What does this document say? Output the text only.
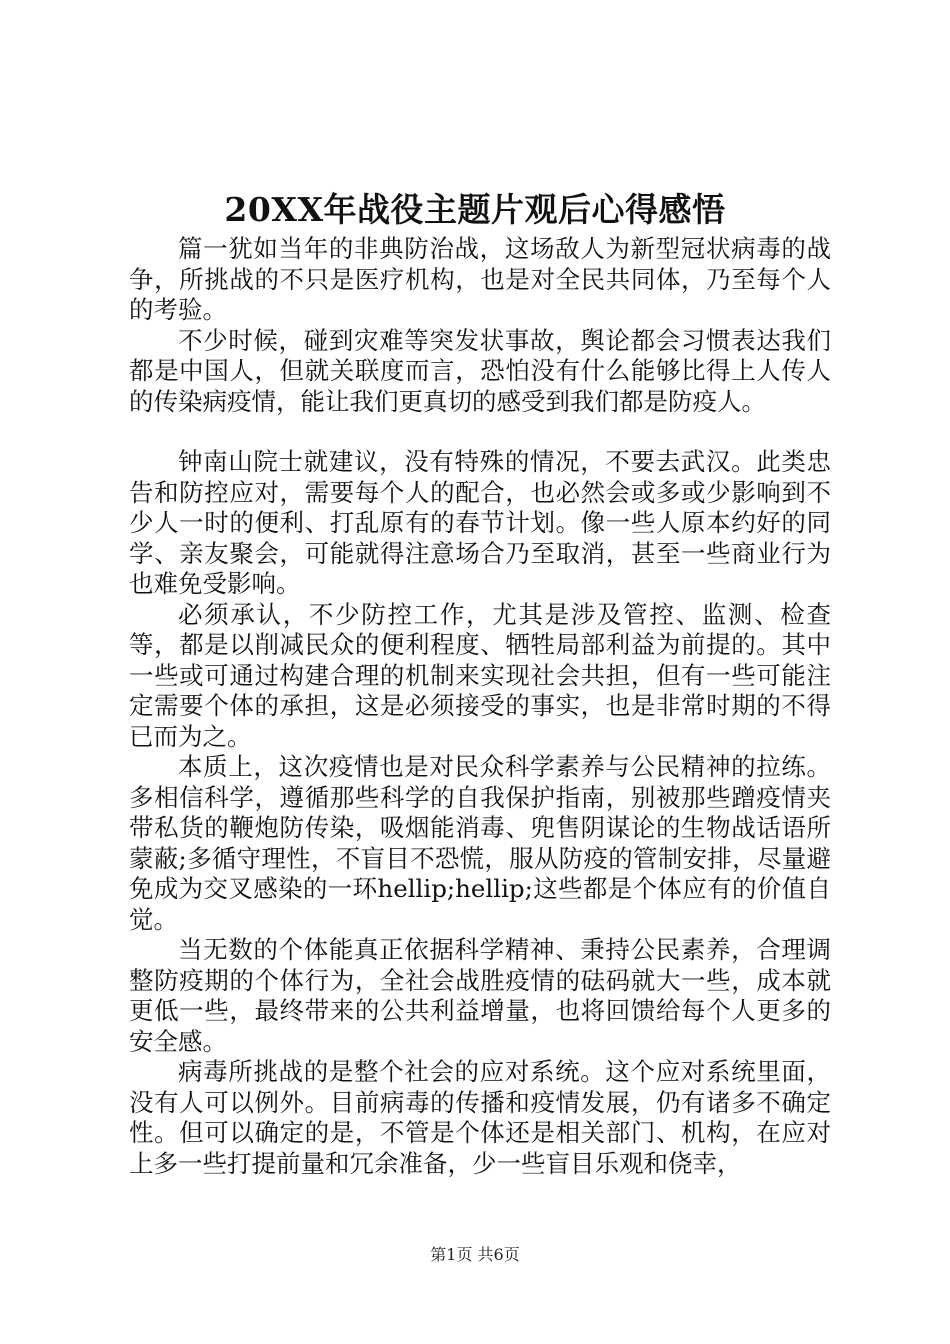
20XX年战役主题片观后心得感悟

篇一犹如当年的非典防治战，这场敌人为新型冠状病毒的战争，所挑战的不只是医疗机构，也是对全民共同体，乃至每个人的考验。

不少时候，碰到灾难等突发状事故，舆论都会习惯表达我们都是中国人，但就关联度而言，恐怕没有什么能够比得上人传人的传染病疫情，能让我们更真切的感受到我们都是防疫人。

钟南山院士就建议，没有特殊的情况，不要去武汉。此类忠告和防控应对，需要每个人的配合，也必然会或多或少影响到不少人一时的便利、打乱原有的春节计划。像一些人原本约好的同学、亲友聚会，可能就得注意场合乃至取消，甚至一些商业行为也难免受影响。

必须承认，不少防控工作，尤其是涉及管控、监测、检查等，都是以削减民众的便利程度、牺牲局部利益为前提的。其中一些或可通过构建合理的机制来实现社会共担，但有一些可能注定需要个体的承担，这是必须接受的事实，也是非常时期的不得已而为之。

本质上，这次疫情也是对民众科学素养与公民精神的拉练。多相信科学，遵循那些科学的自我保护指南，别被那些蹭疫情夹带私货的鞭炮防传染，吸烟能消毒、兜售阴谋论的生物战话语所蒙蔽;多循守理性，不盲目不恐慌，服从防疫的管制安排，尽量避免成为交叉感染的一环hellip;hellip;这些都是个体应有的价值自觉。

当无数的个体能真正依据科学精神、秉持公民素养，合理调整防疫期的个体行为，全社会战胜疫情的砝码就大一些，成本就更低一些，最终带来的公共利益增量，也将回馈给每个人更多的安全感。

病毒所挑战的是整个社会的应对系统。这个应对系统里面，没有人可以例外。目前病毒的传播和疫情发展，仍有诸多不确定性。但可以确定的是，不管是个体还是相关部门、机构，在应对上多一些打提前量和冗余准备，少一些盲目乐观和侥幸，

第1页 共6页
